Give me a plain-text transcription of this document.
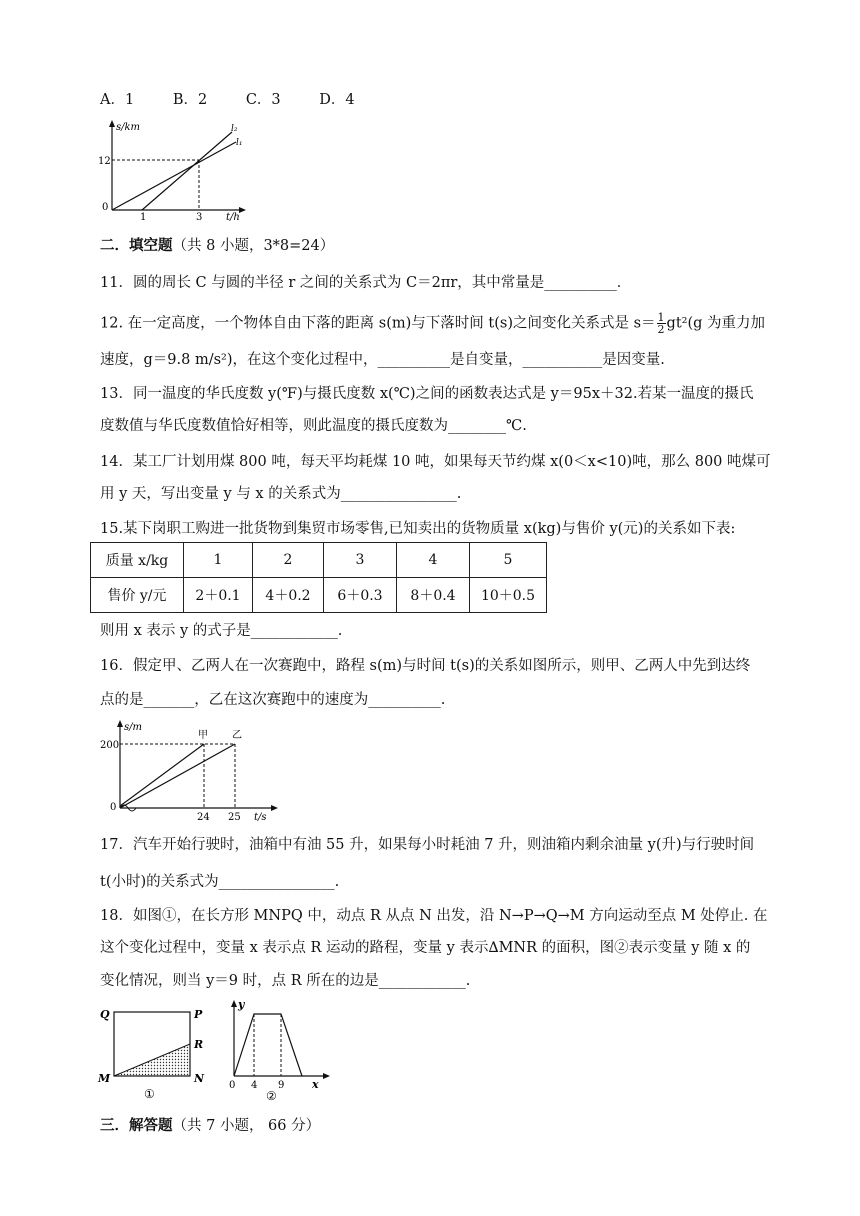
A．1	B．2	C．3	D．4
s/km
12
0
1	3 t/h
l₂
l₁
二．填空题（共 8 小题，3*8=24）
11．圆的周长 C 与圆的半径 r 之间的关系式为 C＝2πr，其中常量是__________．
12. 在一定高度，一个物体自由下落的距离 s(m)与下落时间 t(s)之间变化关系式是 $s= \frac{1}{2} gt^2(g$ 为重力加
速度，g＝9.8 m/s²)，在这个变化过程中，__________是自变量，___________是因变量.
13．同一温度的华氏度数 y(℉)与摄氏度数 x(℃)之间的函数表达式是 y＝95x＋32.若某一温度的摄氏
度数值与华氏度数值恰好相等，则此温度的摄氏度数为________℃.
14．某工厂计划用煤 800 吨，每天平均耗煤 10 吨，如果每天节约煤 x(0＜x<10)吨，那么 800 吨煤可
用 y 天，写出变量 y 与 x 的关系式为________________.
15.某下岗职工购进一批货物到集贸市场零售,已知卖出的货物质量 x(kg)与售价 y(元)的关系如下表:
质量 x/kg	1	2	3	4	5
售价 y/元	2＋0.1	4＋0.2	6＋0.3	8＋0.4	10＋0.5
则用 x 表示 y 的式子是____________.
16．假定甲、乙两人在一次赛跑中，路程 s(m)与时间 t(s)的关系如图所示，则甲、乙两人中先到达终
点的是_______，乙在这次赛跑中的速度为__________.
s/m
200
0
24 25 t/s
甲 乙
17．汽车开始行驶时，油箱中有油 55 升，如果每小时耗油 7 升，则油箱内剩余油量 y(升)与行驶时间
t(小时)的关系式为________________.
18．如图①，在长方形 MNPQ 中，动点 R 从点 N 出发，沿 N→P→Q→M 方向运动至点 M 处停止. 在
这个变化过程中，变量 x 表示点 R 运动的路程，变量 y 表示∆MNR 的面积，图②表示变量 y 随 x 的
变化情况，则当 y＝9 时，点 R 所在的边是____________.
Q	P
R
M	N
①
y
0 4 9	x
②
三．解答题（共 7 小题， 66 分）
